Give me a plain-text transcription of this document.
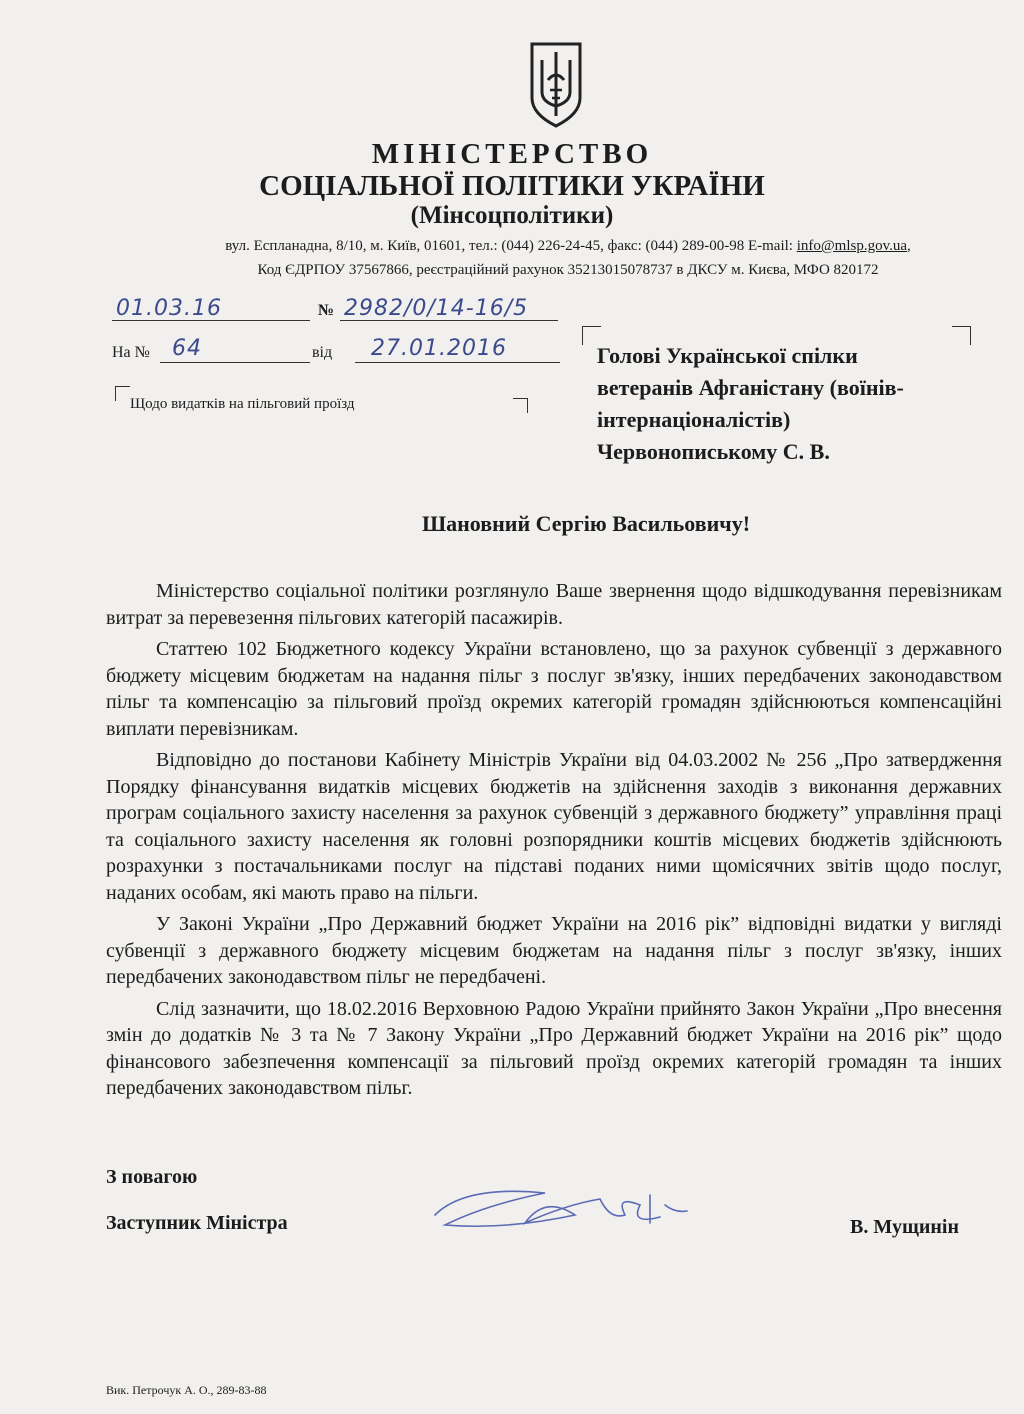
МІНІСТЕРСТВО
СОЦІАЛЬНОЇ ПОЛІТИКИ УКРАЇНИ
(Мінсоцполітики)
вул. Еспланадна, 8/10, м. Київ, 01601, тел.: (044) 226-24-45, факс: (044) 289-00-98 E-mail: info@mlsp.gov.ua,
Код ЄДРПОУ 37567866, реєстраційний рахунок 35213015078737 в ДКСУ м. Києва, МФО 820172
01.03.16	№ 2982/0/14-16/5
На №	64	від	27.01.2016
Щодо видатків на пільговий проїзд
Голові Української спілки
ветеранів Афганістану (воїнів-
інтернаціоналістів)
Червонопиському С. В.
Шановний Сергію Васильовичу!

Міністерство соціальної політики розглянуло Ваше звернення щодо відшкодування перевізникам витрат за перевезення пільгових категорій пасажирів.

Статтею 102 Бюджетного кодексу України встановлено, що за рахунок субвенції з державного бюджету місцевим бюджетам на надання пільг з послуг зв'язку, інших передбачених законодавством пільг та компенсацію за пільговий проїзд окремих категорій громадян здійснюються компенсаційні виплати перевізникам.

Відповідно до постанови Кабінету Міністрів України від 04.03.2002 № 256 „Про затвердження Порядку фінансування видатків місцевих бюджетів на здійснення заходів з виконання державних програм соціального захисту населення за рахунок субвенцій з державного бюджету” управління праці та соціального захисту населення як головні розпорядники коштів місцевих бюджетів здійснюють розрахунки з постачальниками послуг на підставі поданих ними щомісячних звітів щодо послуг, наданих особам, які мають право на пільги.

У Законі України „Про Державний бюджет України на 2016 рік” відповідні видатки у вигляді субвенції з державного бюджету місцевим бюджетам на надання пільг з послуг зв'язку, інших передбачених законодавством пільг не передбачені.

Слід зазначити, що 18.02.2016 Верховною Радою України прийнято Закон України „Про внесення змін до додатків № 3 та № 7 Закону України „Про Державний бюджет України на 2016 рік” щодо фінансового забезпечення компенсації за пільговий проїзд окремих категорій громадян та інших передбачених законодавством пільг.

З повагою
Заступник Міністра	В. Мущинін
Вик. Петрочук А. О., 289-83-88
